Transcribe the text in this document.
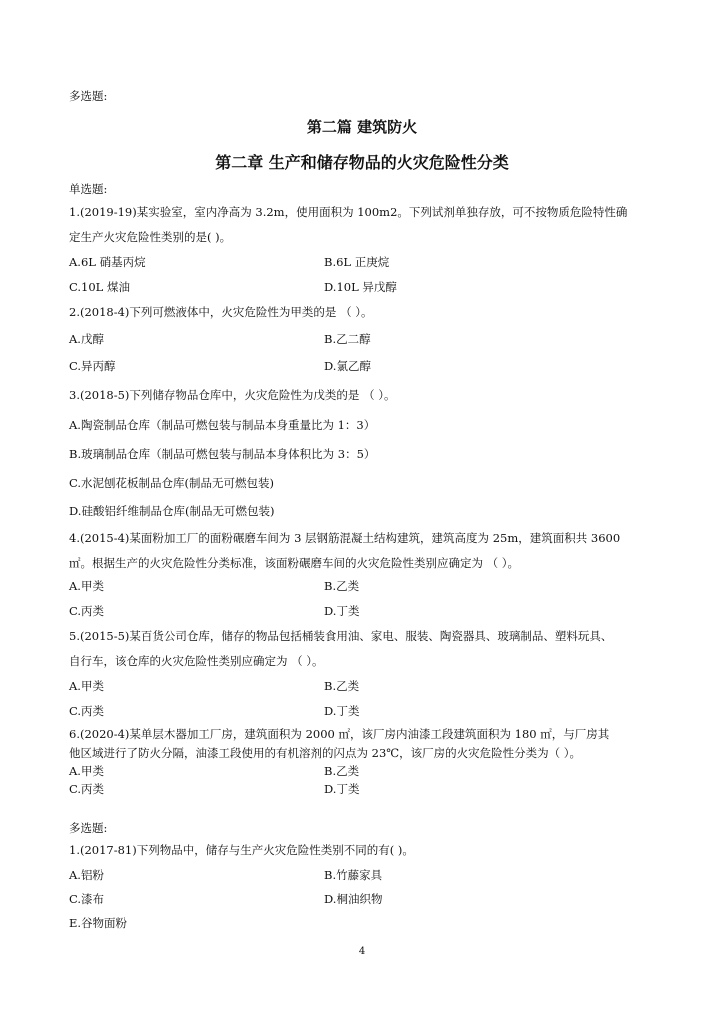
多选题:
第二篇 建筑防火
第二章 生产和储存物品的火灾危险性分类
单选题:
1.(2019-19)某实验室，室内净高为 3.2m，使用面积为 100m2。下列试剂单独存放，可不按物质危险特性确
定生产火灾危险性类别的是( )。
A.6L 硝基丙烷	B.6L 正庚烷
C.10L 煤油	D.10L 异戊醇
2.(2018-4)下列可燃液体中，火灾危险性为甲类的是 （ ）。
A.戊醇	B.乙二醇
C.异丙醇	D.氯乙醇
3.(2018-5)下列储存物品仓库中，火灾危险性为戊类的是 （ ）。
A.陶瓷制品仓库（制品可燃包装与制品本身重量比为 1：3）
B.玻璃制品仓库（制品可燃包装与制品本身体积比为 3：5）
C.水泥刨花板制品仓库(制品无可燃包装)
D.硅酸铝纤维制品仓库(制品无可燃包装)
4.(2015-4)某面粉加工厂的面粉碾磨车间为 3 层钢筋混凝土结构建筑，建筑高度为 25m，建筑面积共 3600
㎡。根据生产的火灾危险性分类标准，该面粉碾磨车间的火灾危险性类别应确定为 （ ）。
A.甲类	B.乙类
C.丙类	D.丁类
5.(2015-5)某百货公司仓库，储存的物品包括桶装食用油、家电、服装、陶瓷器具、玻璃制品、塑料玩具、
自行车，该仓库的火灾危险性类别应确定为 （ ）。
A.甲类	B.乙类
C.丙类	D.丁类
6.(2020-4)某单层木器加工厂房，建筑面积为 2000 ㎡，该厂房内油漆工段建筑面积为 180 ㎡，与厂房其
他区域进行了防火分隔，油漆工段使用的有机溶剂的闪点为 23℃，该厂房的火灾危险性分类为（ ）。
A.甲类	B.乙类
C.丙类	D.丁类
多选题:
1.(2017-81)下列物品中，储存与生产火灾危险性类别不同的有( )。
A.铝粉	B.竹藤家具
C.漆布	D.桐油织物
E.谷物面粉
4
